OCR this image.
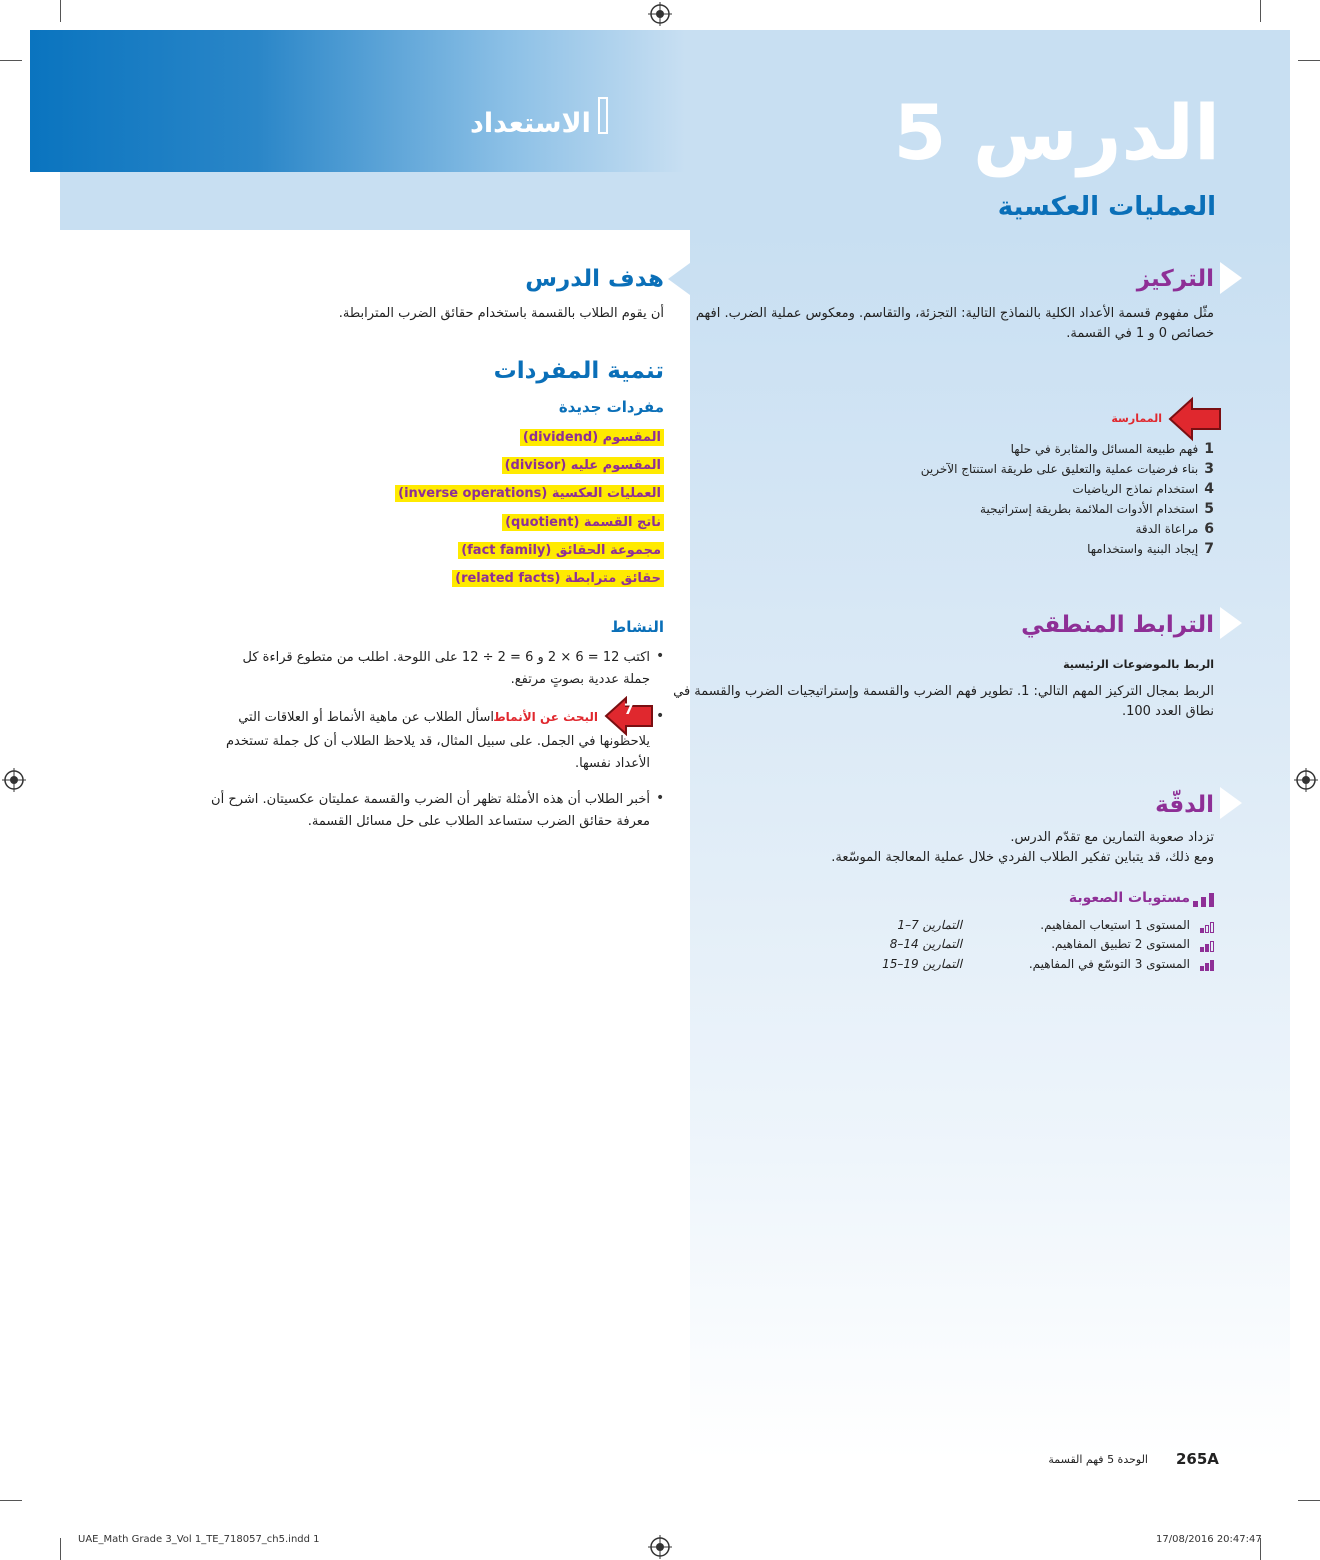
الدرس 5
العمليات العكسية
الاستعداد
التركيز
مثّل مفهوم قسمة الأعداد الكلية بالنماذج التالية: التجزئة، والتقاسم. ومعكوس عملية الضرب. افهم
خصائص 0 و 1 في القسمة.
الممارسة
1فهم طبيعة المسائل والمثابرة في حلها
3بناء فرضيات عملية والتعليق على طريقة استنتاج الآخرين
4استخدام نماذج الرياضيات
5استخدام الأدوات الملائمة بطريقة إستراتيجية
6مراعاة الدقة
7إيجاد البنية واستخدامها
الترابط المنطقي
الربط بالموضوعات الرئيسية
الربط بمجال التركيز المهم التالي: 1. تطوير فهم الضرب والقسمة وإستراتيجيات الضرب والقسمة في
نطاق العدد 100.
الدقّة
تزداد صعوبة التمارين مع تقدّم الدرس.
ومع ذلك، قد يتباين تفكير الطلاب الفردي خلال عملية المعالجة الموسّعة.
مستويات الصعوبة
المستوى 1 استيعاب المفاهيم.
التمارين 7–1
المستوى 2 تطبيق المفاهيم.
التمارين 14–8
المستوى 3 التوسّع في المفاهيم.
التمارين 19–15
هدف الدرس
أن يقوم الطلاب بالقسمة باستخدام حقائق الضرب المترابطة.
تنمية المفردات
مفردات جديدة
المقسوم (dividend)
المقسوم عليه (divisor)
العمليات العكسية (inverse operations)
ناتج القسمة (quotient)
مجموعة الحقائق (fact family)
حقائق مترابطة (related facts)
النشاط
•
اكتب 12 = 6 × 2 و 6 = 2 ÷ 12 على اللوحة. اطلب من متطوع قراءة كل
جملة عددية بصوتٍ مرتفع.
•
7
البحث عن الأنماط
اسأل الطلاب عن ماهية الأنماط أو العلاقات التي
يلاحظونها في الجمل. على سبيل المثال، قد يلاحظ الطلاب أن كل جملة تستخدم
الأعداد نفسها.
•
أخبر الطلاب أن هذه الأمثلة تظهر أن الضرب والقسمة عمليتان عكسيتان. اشرح أن
معرفة حقائق الضرب ستساعد الطلاب على حل مسائل القسمة.
265A
الوحدة 5 فهم القسمة
UAE_Math Grade 3_Vol 1_TE_718057_ch5.indd 1	17/08/2016 20:47:47
